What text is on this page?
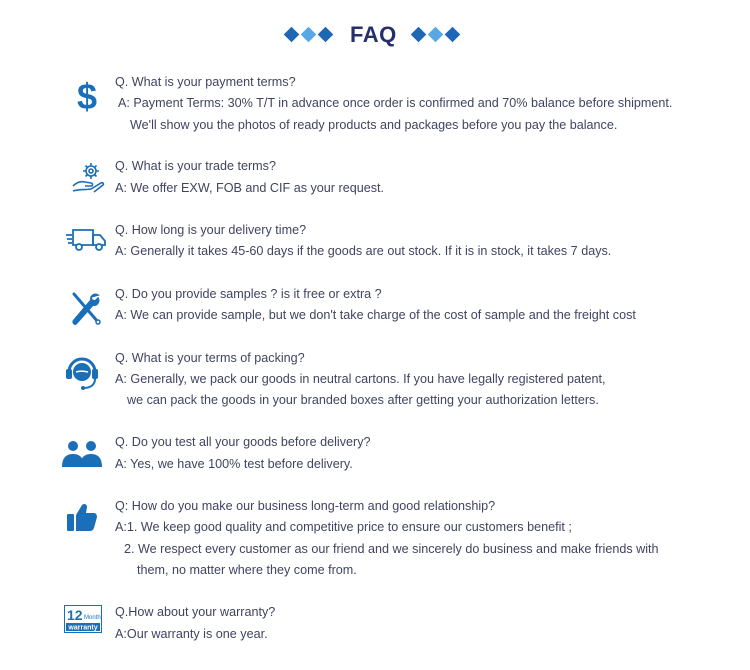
FAQ
$ Q. What is your payment terms?
A: Payment Terms: 30% T/T in advance once order is confirmed and 70% balance before shipment.
We'll show you the photos of ready products and packages before you pay the balance.
Q. What is your trade terms?
A: We offer EXW, FOB and CIF as your request.
Q. How long is your delivery time?
A: Generally it takes 45-60 days if the goods are out stock. If it is in stock, it takes 7 days.
Q. Do you provide samples ? is it free or extra ?
A: We can provide sample, but we don't take charge of the cost of sample and the freight cost
Q. What is your terms of packing?
A: Generally, we pack our goods in neutral cartons. If you have legally registered patent,
we can pack the goods in your branded boxes after getting your authorization letters.
Q. Do you test all your goods before delivery?
A: Yes, we have 100% test before delivery.
Q: How do you make our business long-term and good relationship?
A:1. We keep good quality and competitive price to ensure our customers benefit ;
2. We respect every customer as our friend and we sincerely do business and make friends with
them, no matter where they come from.
12 Month
warranty
Q.How about your warranty?
A:Our warranty is one year.
